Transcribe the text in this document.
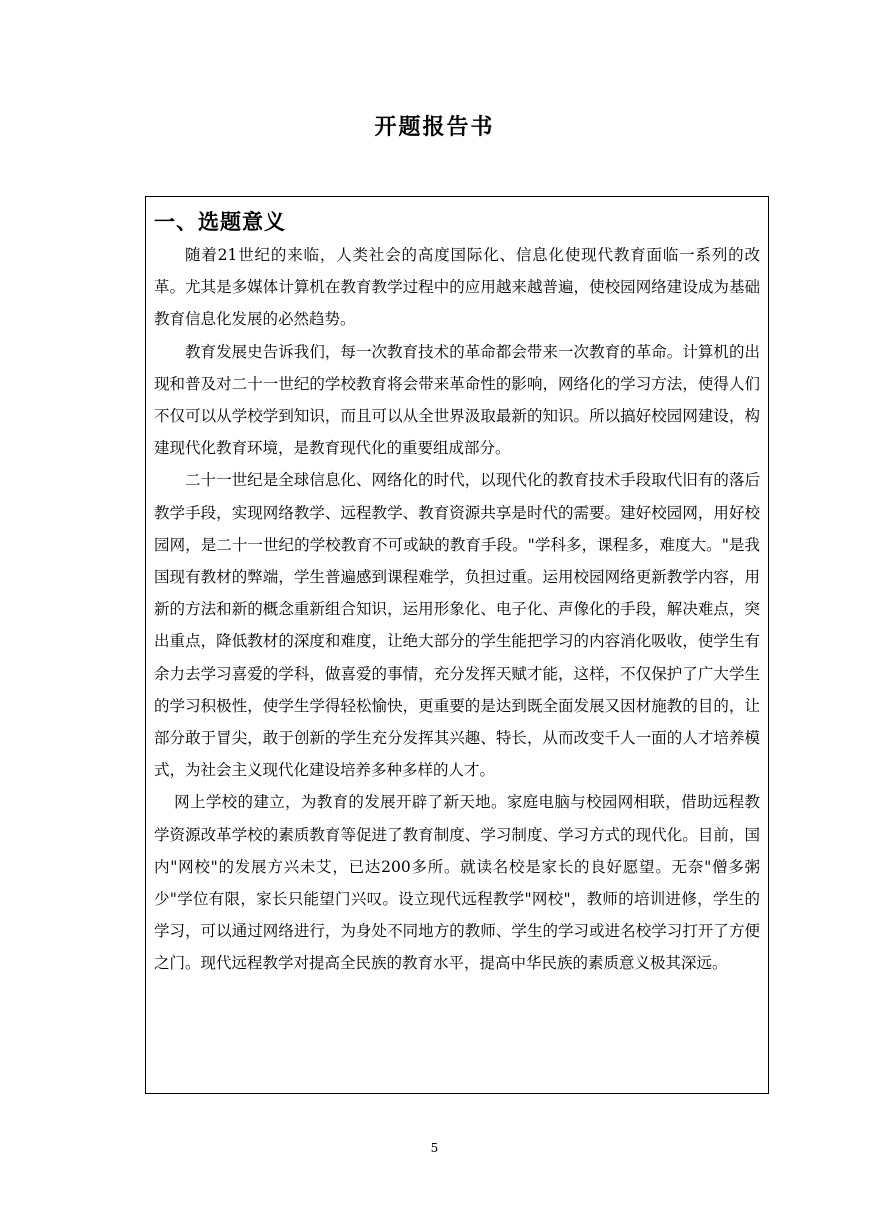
开题报告书
一、选题意义

随着21世纪的来临，人类社会的高度国际化、信息化使现代教育面临一系列的改革。尤其是多媒体计算机在教育教学过程中的应用越来越普遍，使校园网络建设成为基础教育信息化发展的必然趋势。

教育发展史告诉我们，每一次教育技术的革命都会带来一次教育的革命。计算机的出现和普及对二十一世纪的学校教育将会带来革命性的影响，网络化的学习方法，使得人们不仅可以从学校学到知识，而且可以从全世界汲取最新的知识。所以搞好校园网建设，构建现代化教育环境，是教育现代化的重要组成部分。

二十一世纪是全球信息化、网络化的时代，以现代化的教育技术手段取代旧有的落后教学手段，实现网络教学、远程教学、教育资源共享是时代的需要。建好校园网，用好校园网，是二十一世纪的学校教育不可或缺的教育手段。"学科多，课程多，难度大。"是我国现有教材的弊端，学生普遍感到课程难学，负担过重。运用校园网络更新教学内容，用新的方法和新的概念重新组合知识，运用形象化、电子化、声像化的手段，解决难点，突出重点，降低教材的深度和难度，让绝大部分的学生能把学习的内容消化吸收，使学生有余力去学习喜爱的学科，做喜爱的事情，充分发挥天赋才能，这样，不仅保护了广大学生的学习积极性，使学生学得轻松愉快，更重要的是达到既全面发展又因材施教的目的，让部分敢于冒尖，敢于创新的学生充分发挥其兴趣、特长，从而改变千人一面的人才培养模式，为社会主义现代化建设培养多种多样的人才。

网上学校的建立，为教育的发展开辟了新天地。家庭电脑与校园网相联，借助远程教学资源改革学校的素质教育等促进了教育制度、学习制度、学习方式的现代化。目前，国内"网校"的发展方兴未艾，已达200多所。就读名校是家长的良好愿望。无奈"僧多粥少"学位有限，家长只能望门兴叹。设立现代远程教学"网校"，教师的培训进修，学生的学习，可以通过网络进行，为身处不同地方的教师、学生的学习或进名校学习打开了方便之门。现代远程教学对提高全民族的教育水平，提高中华民族的素质意义极其深远。

5
